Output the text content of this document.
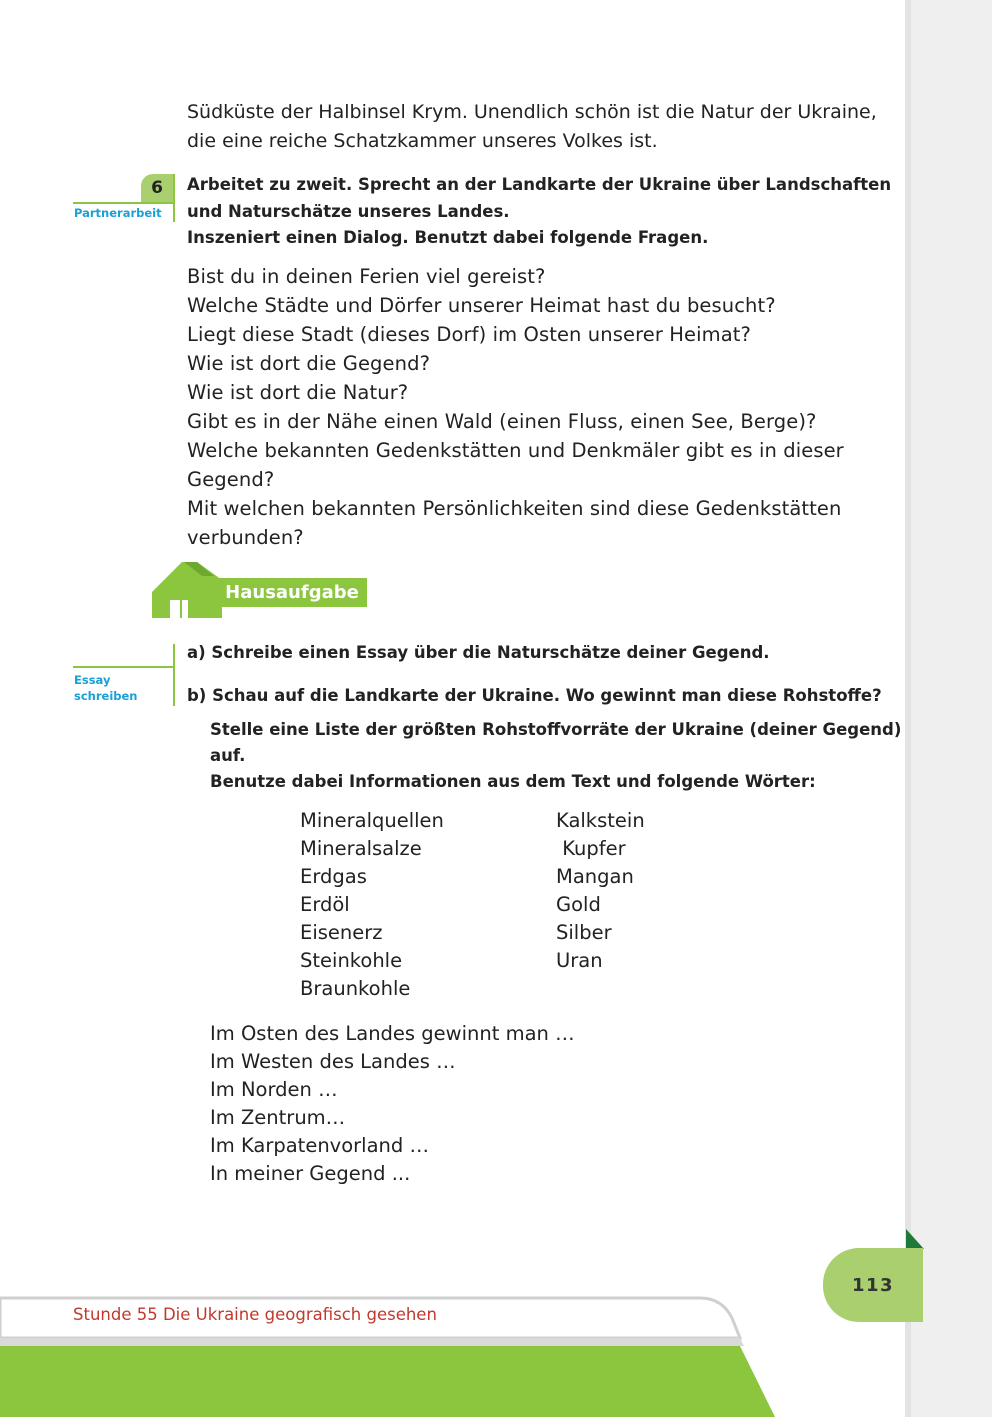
Südküste der Halbinsel Krym. Unendlich schön ist die Natur der Ukraine,
die eine reiche Schatzkammer unseres Volkes ist.
6
Partnerarbeit
Arbeitet zu zweit. Sprecht an der Landkarte der Ukraine über Landschaften
und Naturschätze unseres Landes.
Inszeniert einen Dialog. Benutzt dabei folgende Fragen.
Bist du in deinen Ferien viel gereist?
Welche Städte und Dörfer unserer Heimat hast du besucht?
Liegt diese Stadt (dieses Dorf) im Osten unserer Heimat?
Wie ist dort die Gegend?
Wie ist dort die Natur?
Gibt es in der Nähe einen Wald (einen Fluss, einen See, Berge)?
Welche bekannten Gedenkstätten und Denkmäler gibt es in dieser
Gegend?
Mit welchen bekannten Persönlichkeiten sind diese Gedenkstätten
verbunden?
Hausaufgabe
Essay
schreiben
a) Schreibe einen Essay über die Naturschätze deiner Gegend.
b) Schau auf die Landkarte der Ukraine. Wo gewinnt man diese Rohstoffe?
Stelle eine Liste der größten Rohstoffvorräte der Ukraine (deiner Gegend)
auf.
Benutze dabei Informationen aus dem Text und folgende Wörter:
Mineralquellen
Mineralsalze
Erdgas
Erdöl
Eisenerz
Steinkohle
Braunkohle
Kalkstein
Kupfer
Mangan
Gold
Silber
Uran
Im Osten des Landes gewinnt man …
Im Westen des Landes …
Im Norden …
Im Zentrum…
Im Karpatenvorland …
In meiner Gegend ...
113
Stunde 55 Die Ukraine geografisch gesehen
